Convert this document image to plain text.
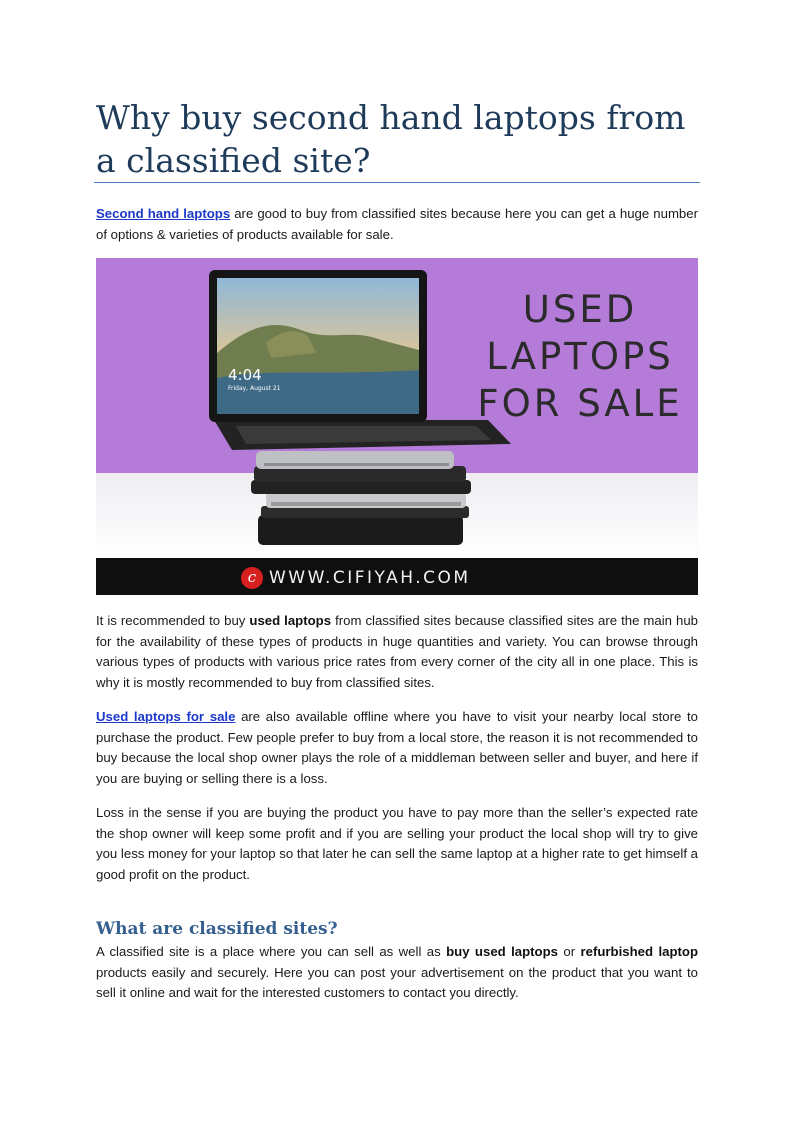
Why buy second hand laptops from a classified site?

Second hand laptops are good to buy from classified sites because here you can get a huge number of options & varieties of products available for sale.

4:04
Friday, August 21
USED
LAPTOPS
FOR SALE
c WWW.CIFIYAH.COM

It is recommended to buy used laptops from classified sites because classified sites are the main hub for the availability of these types of products in huge quantities and variety. You can browse through various types of products with various price rates from every corner of the city all in one place. This is why it is mostly recommended to buy from classified sites.

Used laptops for sale are also available offline where you have to visit your nearby local store to purchase the product. Few people prefer to buy from a local store, the reason it is not recommended to buy because the local shop owner plays the role of a middleman between seller and buyer, and here if you are buying or selling there is a loss.

Loss in the sense if you are buying the product you have to pay more than the seller’s expected rate the shop owner will keep some profit and if you are selling your product the local shop will try to give you less money for your laptop so that later he can sell the same laptop at a higher rate to get himself a good profit on the product.

What are classified sites?

A classified site is a place where you can sell as well as buy used laptops or refurbished laptop products easily and securely. Here you can post your advertisement on the product that you want to sell it online and wait for the interested customers to contact you directly.
